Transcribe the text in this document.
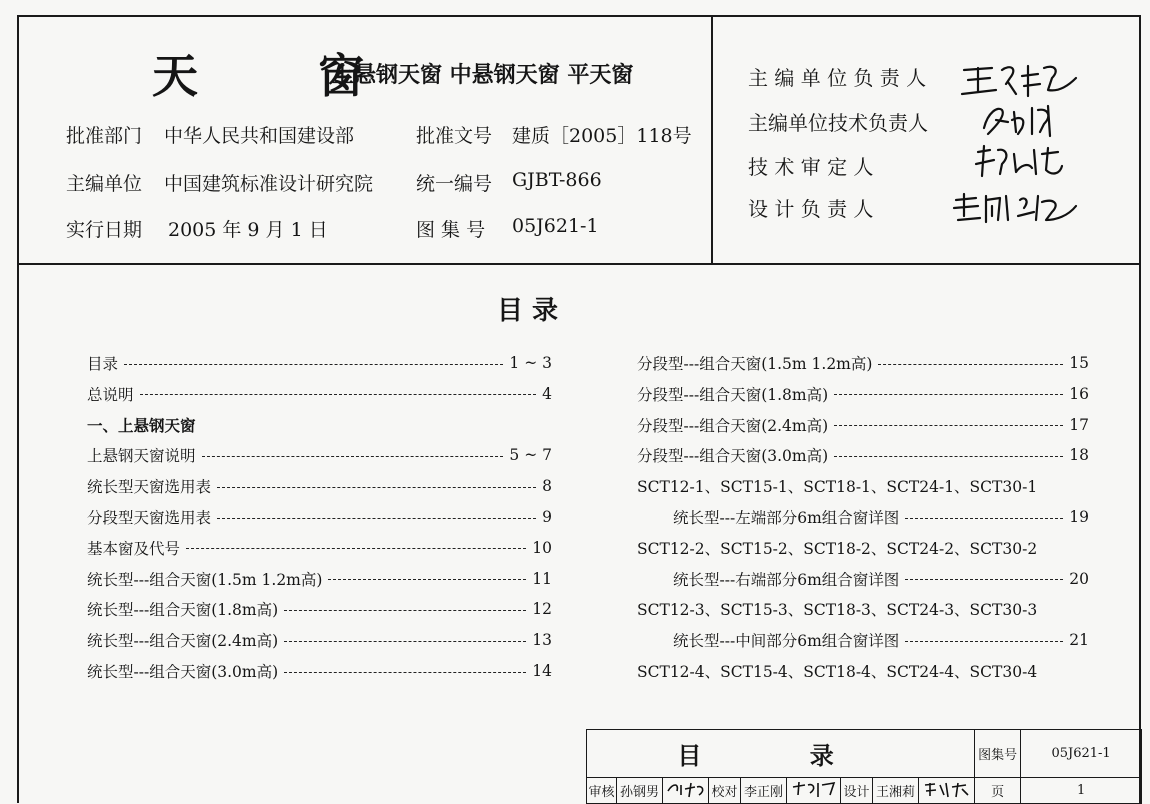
天 窗
上悬钢天窗 中悬钢天窗 平天窗
批准部门 中华人民共和国建设部
主编单位 中国建筑标准设计研究院
实行日期 2005 年 9 月 1 日
批准文号 建质［2005］118号
统一编号 GJBT-866
图 集 号 05J621-1
主 编 单 位 负 责 人
主编单位技术负责人
技 术 审 定 人
设 计 负 责 人
目 录
目录	1 ~ 3
总说明	4
一、上悬钢天窗
上悬钢天窗说明	5 ~ 7
统长型天窗选用表	8
分段型天窗选用表	9
基本窗及代号	10
统长型---组合天窗(1.5m 1.2m高)	11
统长型---组合天窗(1.8m高)	12
统长型---组合天窗(2.4m高)	13
统长型---组合天窗(3.0m高)	14
分段型---组合天窗(1.5m 1.2m高)	15
分段型---组合天窗(1.8m高)	16
分段型---组合天窗(2.4m高)	17
分段型---组合天窗(3.0m高)	18
SCT12-1、SCT15-1、SCT18-1、SCT24-1、SCT30-1
统长型---左端部分6m组合窗详图	19
SCT12-2、SCT15-2、SCT18-2、SCT24-2、SCT30-2
统长型---右端部分6m组合窗详图	20
SCT12-3、SCT15-3、SCT18-3、SCT24-3、SCT30-3
统长型---中间部分6m组合窗详图	21
SCT12-4、SCT15-4、SCT18-4、SCT24-4、SCT30-4
目 录									图集号	05J621-1
审核	孙钢男		校对	李正刚		设计	王湘莉		页	1
